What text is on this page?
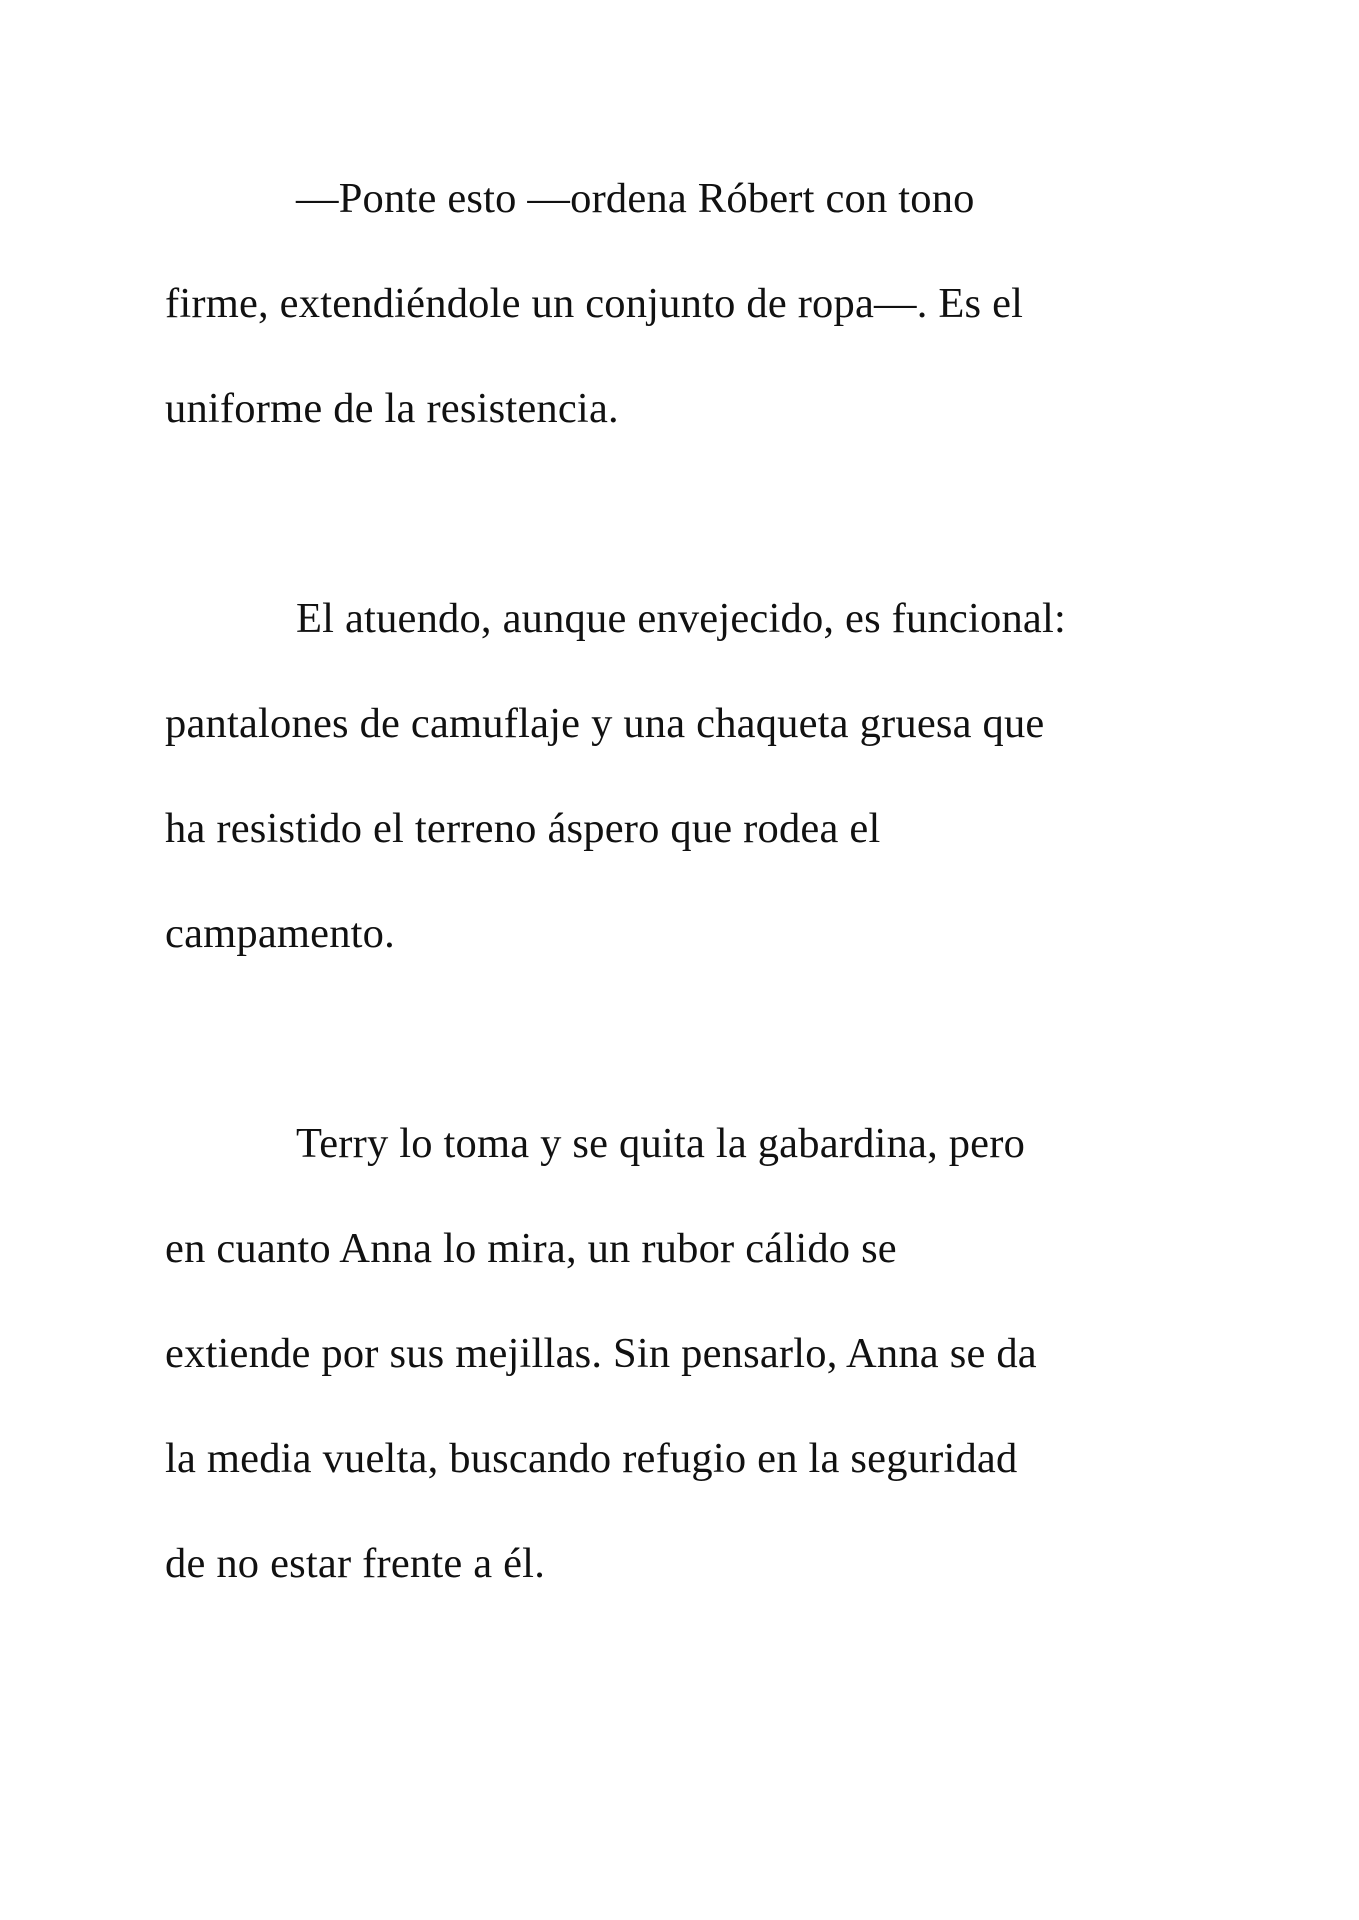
—Ponte esto —ordena Róbert con tono
firme, extendiéndole un conjunto de ropa—. Es el
uniforme de la resistencia.
El atuendo, aunque envejecido, es funcional:
pantalones de camuflaje y una chaqueta gruesa que
ha resistido el terreno áspero que rodea el
campamento.
Terry lo toma y se quita la gabardina, pero
en cuanto Anna lo mira, un rubor cálido se
extiende por sus mejillas. Sin pensarlo, Anna se da
la media vuelta, buscando refugio en la seguridad
de no estar frente a él.
